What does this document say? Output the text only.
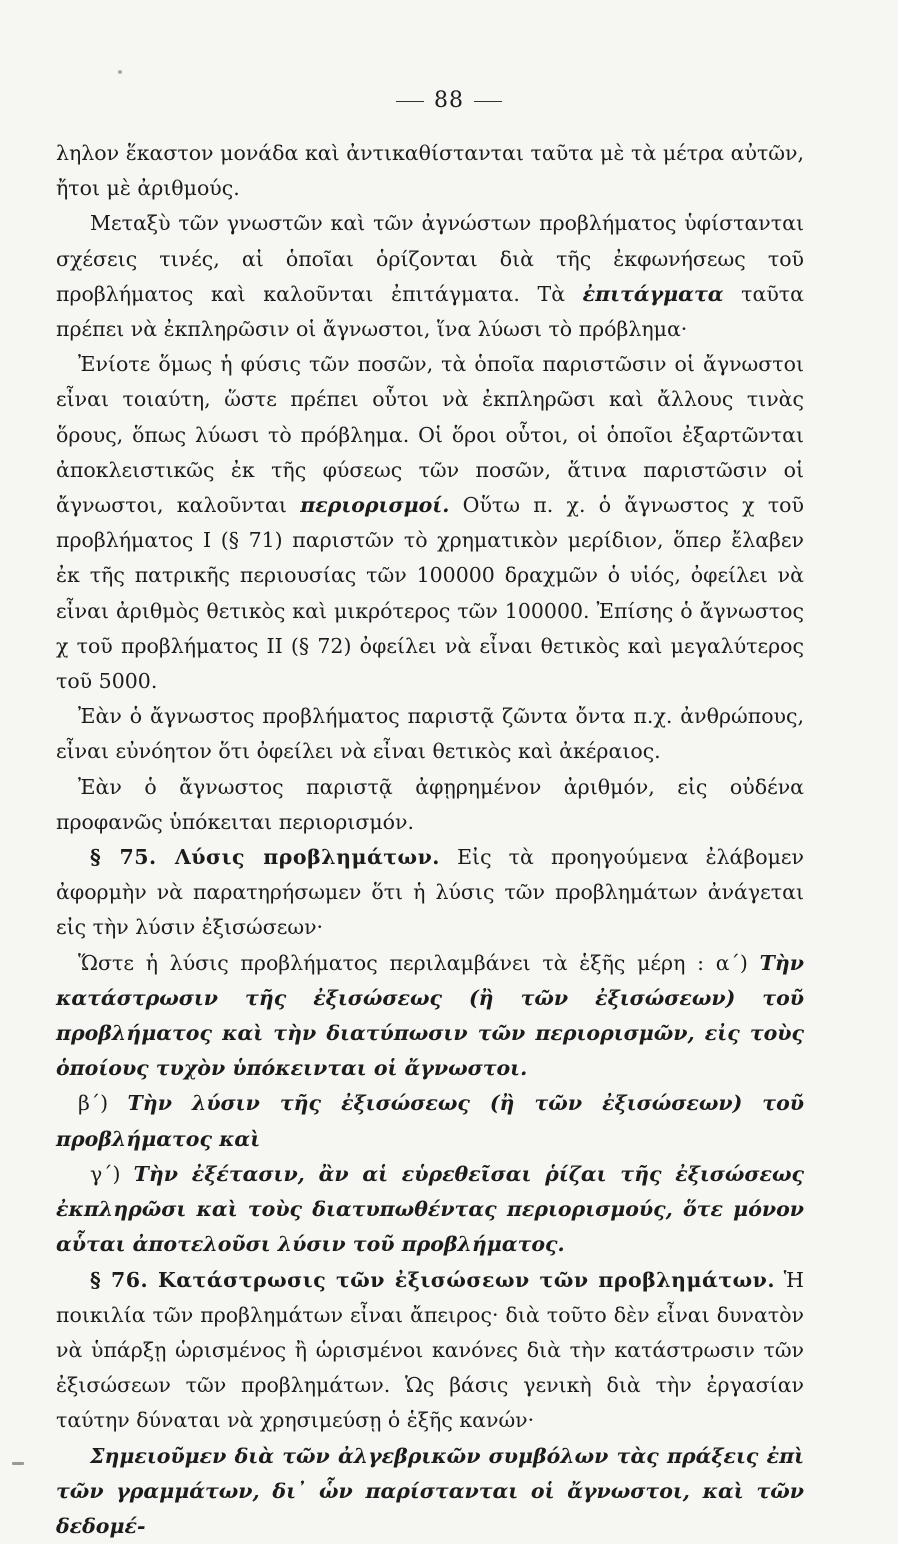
88

ληλον ἕκαστον μονάδα καὶ ἀντικαθίστανται ταῦτα μὲ τὰ μέτρα αὐτῶν, ἤτοι μὲ ἀριθμούς.

Μεταξὺ τῶν γνωστῶν καὶ τῶν ἀγνώστων προβλήματος ὑφίστανται σχέσεις τινές, αἱ ὁποῖαι ὁρίζονται διὰ τῆς ἐκφωνήσεως τοῦ προβλήματος καὶ καλοῦνται ἐπιτάγματα. Τὰ ἐπιτάγματα ταῦτα πρέπει νὰ ἐκπληρῶσιν οἱ ἄγνωστοι, ἵνα λύωσι τὸ πρόβλημα·

Ἐνίοτε ὅμως ἡ φύσις τῶν ποσῶν, τὰ ὁποῖα παριστῶσιν οἱ ἄγνωστοι εἶναι τοιαύτη, ὥστε πρέπει οὗτοι νὰ ἐκπληρῶσι καὶ ἄλλους τινὰς ὅρους, ὅπως λύωσι τὸ πρόβλημα. Οἱ ὅροι οὗτοι, οἱ ὁποῖοι ἐξαρτῶνται ἀποκλειστικῶς ἐκ τῆς φύσεως τῶν ποσῶν, ἅτινα παριστῶσιν οἱ ἄγνωστοι, καλοῦνται περιορισμοί. Οὕτω π. χ. ὁ ἄγνωστος χ τοῦ προβλήματος I (§ 71) παριστῶν τὸ χρηματικὸν μερίδιον, ὅπερ ἔλαβεν ἐκ τῆς πατρικῆς περιουσίας τῶν 100000 δραχμῶν ὁ υἱός, ὀφείλει νὰ εἶναι ἀριθμὸς θετικὸς καὶ μικρότερος τῶν 100000. Ἐπίσης ὁ ἄγνωστος χ τοῦ προβλήματος II (§ 72) ὀφείλει νὰ εἶναι θετικὸς καὶ μεγαλύτερος τοῦ 5000.

Ἐὰν ὁ ἄγνωστος προβλήματος παριστᾷ ζῶντα ὄντα π.χ. ἀνθρώπους, εἶναι εὐνόητον ὅτι ὀφείλει νὰ εἶναι θετικὸς καὶ ἀκέραιος.

Ἐὰν ὁ ἄγνωστος παριστᾷ ἀφῃρημένον ἀριθμόν, εἰς οὐδένα προφανῶς ὑπόκειται περιορισμόν.

§ 75. Λύσις προβλημάτων. Εἰς τὰ προηγούμενα ἐλάβομεν ἀφορμὴν νὰ παρατηρήσωμεν ὅτι ἡ λύσις τῶν προβλημάτων ἀνάγεται εἰς τὴν λύσιν ἐξισώσεων·

Ὥστε ἡ λύσις προβλήματος περιλαμβάνει τὰ ἑξῆς μέρη : α΄) Τὴν κατάστρωσιν τῆς ἐξισώσεως (ἢ τῶν ἐξισώσεων) τοῦ προβλήματος καὶ τὴν διατύπωσιν τῶν περιορισμῶν, εἰς τοὺς ὁποίους τυχὸν ὑπόκεινται οἱ ἄγνωστοι.

β΄) Τὴν λύσιν τῆς ἐξισώσεως (ἢ τῶν ἐξισώσεων) τοῦ προβλήματος καὶ

γ΄) Τὴν ἐξέτασιν, ἂν αἱ εὑρεθεῖσαι ῥίζαι τῆς ἐξισώσεως ἐκπληρῶσι καὶ τοὺς διατυπωθέντας περιορισμούς, ὅτε μόνον αὗται ἀποτελοῦσι λύσιν τοῦ προβλήματος.

§ 76. Κατάστρωσις τῶν ἐξισώσεων τῶν προβλημάτων. Ἡ ποικιλία τῶν προβλημάτων εἶναι ἄπειρος· διὰ τοῦτο δὲν εἶναι δυνατὸν νὰ ὑπάρξῃ ὡρισμένος ἢ ὡρισμένοι κανόνες διὰ τὴν κατάστρωσιν τῶν ἐξισώσεων τῶν προβλημάτων. Ὡς βάσις γενικὴ διὰ τὴν ἐργασίαν ταύτην δύναται νὰ χρησιμεύσῃ ὁ ἑξῆς κανών·

Σημειοῦμεν διὰ τῶν ἀλγεβρικῶν συμβόλων τὰς πράξεις ἐπὶ τῶν γραμμάτων, δι᾽ ὧν παρίστανται οἱ ἄγνωστοι, καὶ τῶν δεδομέ-
